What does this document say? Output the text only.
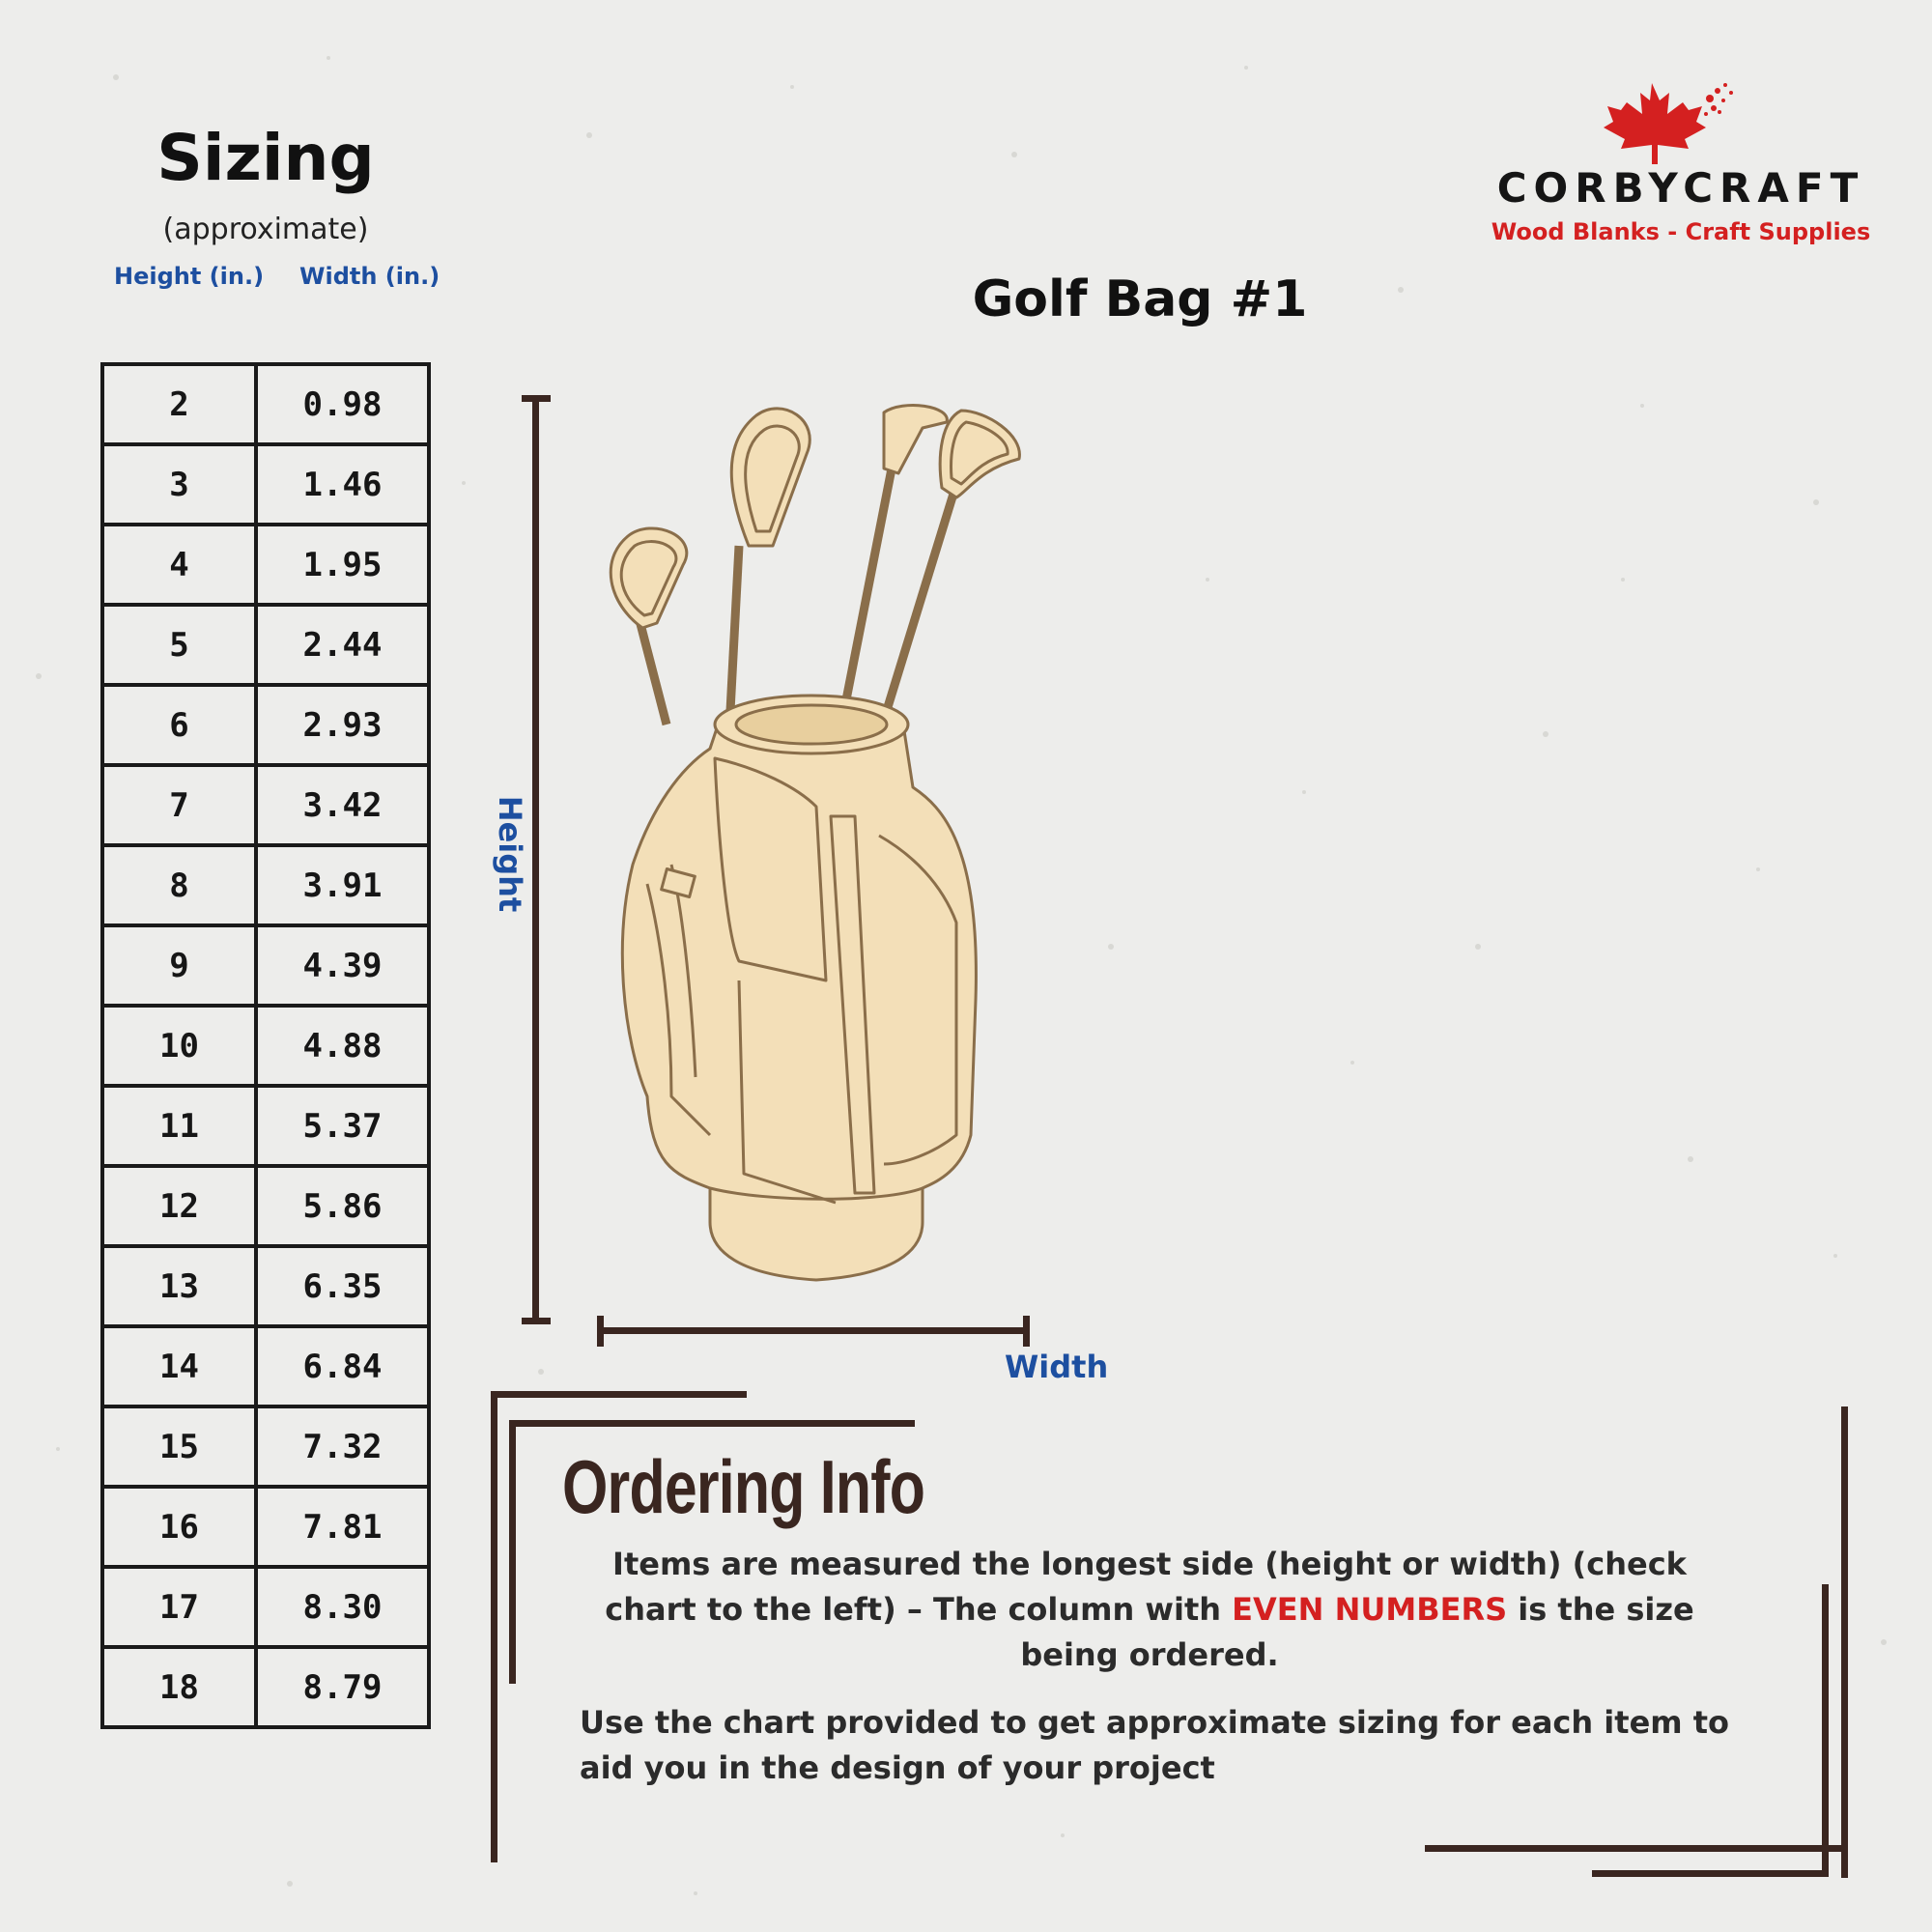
Sizing
(approximate)
Height (in.) Width (in.)
2	0.98
3	1.46
4	1.95
5	2.44
6	2.93
7	3.42
8	3.91
9	4.39
10	4.88
11	5.37
12	5.86
13	6.35
14	6.84
15	7.32
16	7.81
17	8.30
18	8.79
CORBYCRAFT
Wood Blanks - Craft Supplies
Golf Bag #1
Height
Width
Ordering Info
Items are measured the longest side (height or width) (check chart to the left) – The column with EVEN NUMBERS is the size being ordered.
Use the chart provided to get approximate sizing for each item to aid you in the design of your project
